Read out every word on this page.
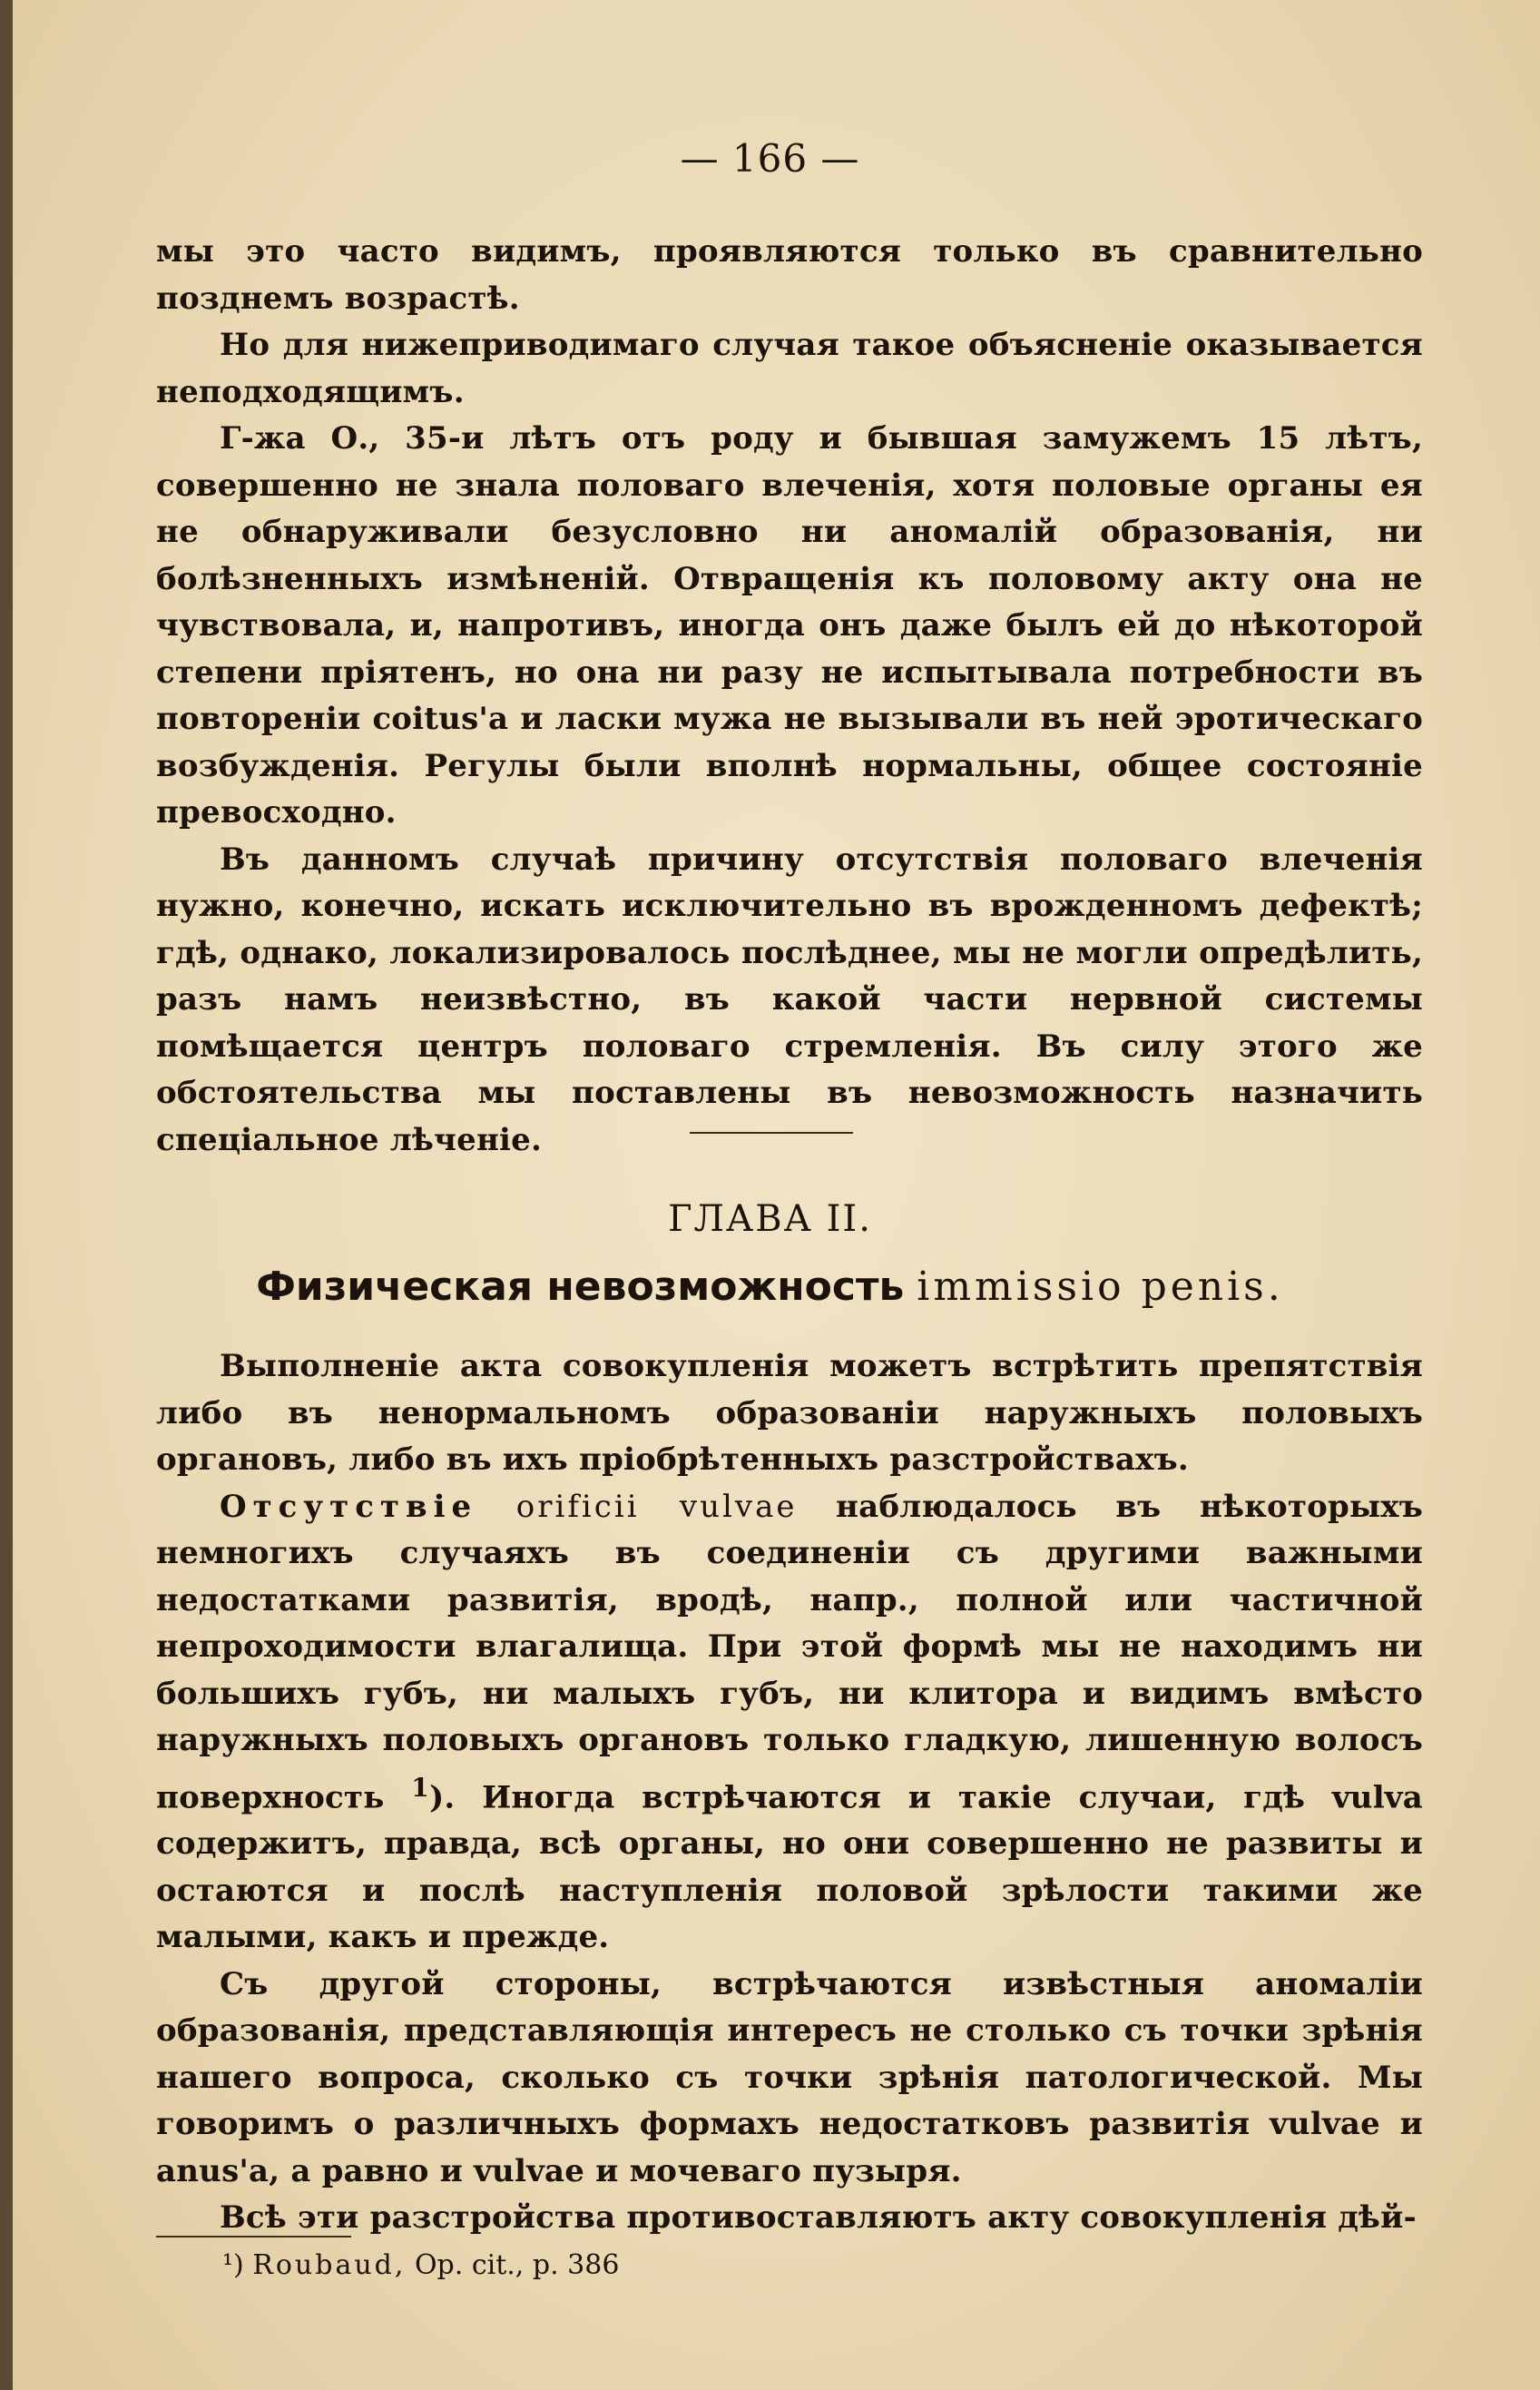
— 166 —

мы это часто видимъ, проявляются только въ сравнительно позднемъ возрастѣ.

Но для нижеприводимаго случая такое объясненіе оказывается неподходящимъ.

Г-жа О., 35-и лѣтъ отъ роду и бывшая замужемъ 15 лѣтъ, совершенно не знала половаго влеченія, хотя половые органы ея не обнаруживали безусловно ни аномалій образованія, ни болѣзненныхъ измѣненій. Отвращенія къ половому акту она не чувствовала, и, напротивъ, иногда онъ даже былъ ей до нѣкоторой степени пріятенъ, но она ни разу не испытывала потребности въ повтореніи coitus'а и ласки мужа не вызывали въ ней эротическаго возбужденія. Регулы были вполнѣ нормальны, общее состояніе превосходно.

Въ данномъ случаѣ причину отсутствія половаго влеченія нужно, конечно, искать исключительно въ врожденномъ дефектѣ; гдѣ, однако, локализировалось послѣднее, мы не могли опредѣлить, разъ намъ неизвѣстно, въ какой части нервной системы помѣщается центръ половаго стремленія. Въ силу этого же обстоятельства мы поставлены въ невозможность назначить спеціальное лѣченіе.

ГЛАВА II.
Физическая невозможность immissio penis.

Выполненіе акта совокупленія можетъ встрѣтить препятствія либо въ ненормальномъ образованіи наружныхъ половыхъ органовъ, либо въ ихъ пріобрѣтенныхъ разстройствахъ.

Отсутствіе orificii vulvae наблюдалось въ нѣкоторыхъ немногихъ случаяхъ въ соединеніи съ другими важными недостатками развитія, вродѣ, напр., полной или частичной непроходимости влагалища. При этой формѣ мы не находимъ ни большихъ губъ, ни малыхъ губъ, ни клитора и видимъ вмѣсто наружныхъ половыхъ органовъ только гладкую, лишенную волосъ поверхность $^1$). Иногда встрѣчаются и такіе случаи, гдѣ vulva содержитъ, правда, всѣ органы, но они совершенно не развиты и остаются и послѣ наступленія половой зрѣлости такими же малыми, какъ и прежде.

Съ другой стороны, встрѣчаются извѣстныя аномаліи образованія, представляющія интересъ не столько съ точки зрѣнія нашего вопроса, сколько съ точки зрѣнія патологической. Мы говоримъ о различныхъ формахъ недостатковъ развитія vulvae и anus'а, а равно и vulvae и мочеваго пузыря.

Всѣ эти разстройства противоставляютъ акту совокупленія дѣй-

¹) Roubaud, Op. cit., p. 386
